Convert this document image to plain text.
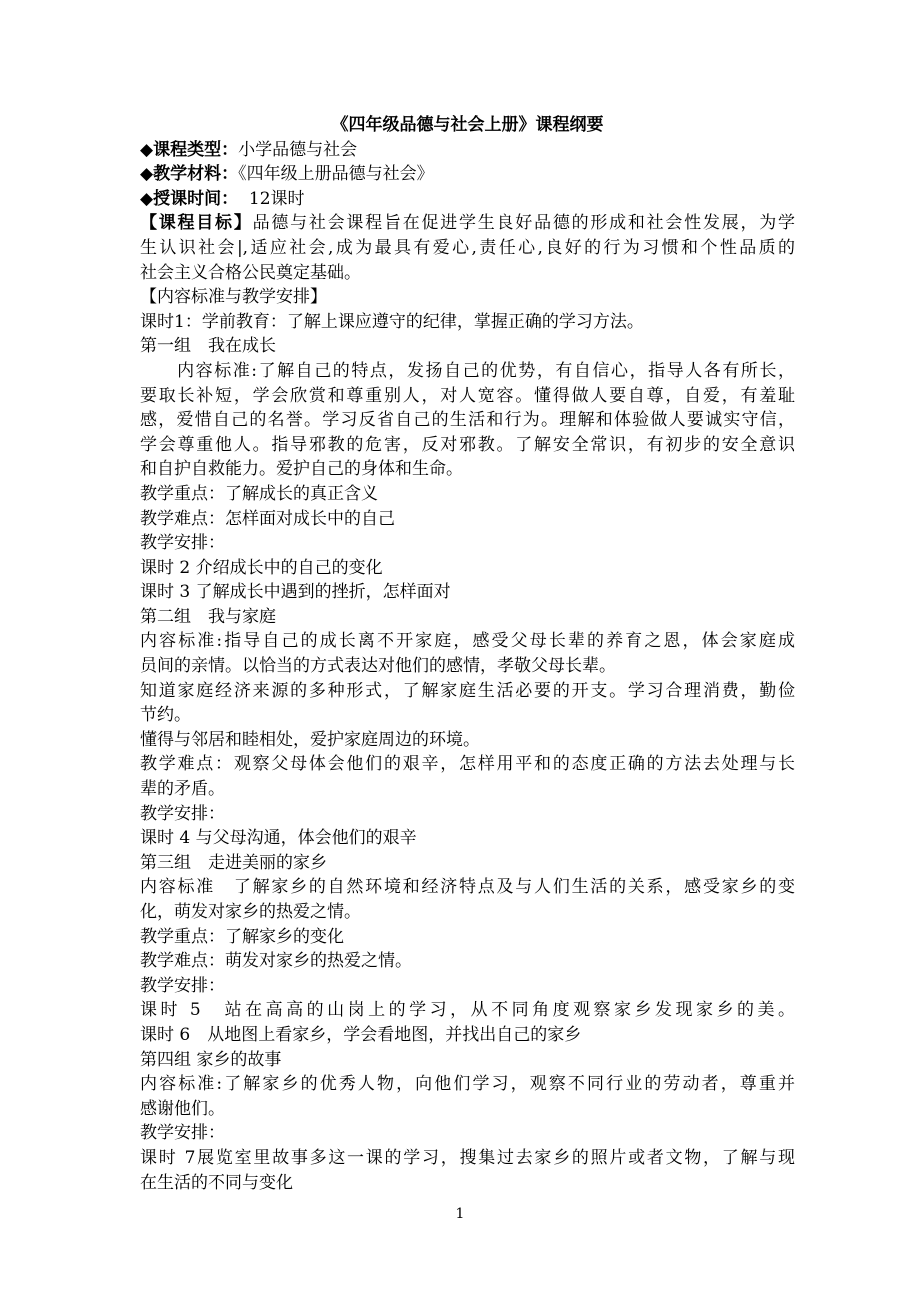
《四年级品德与社会上册》课程纲要
◆课程类型：小学品德与社会
◆教学材料：《四年级上册品德与社会》
◆授课时间：  12课时
【课程目标】品德与社会课程旨在促进学生良好品德的形成和社会性发展，为学
生认识社会|,适应社会,成为最具有爱心,责任心,良好的行为习惯和个性品质的
社会主义合格公民奠定基础。
【内容标准与教学安排】
课时1：学前教育：了解上课应遵守的纪律，掌握正确的学习方法。
第一组　我在成长
　　内容标准:了解自己的特点，发扬自己的优势，有自信心，指导人各有所长，
要取长补短，学会欣赏和尊重别人，对人宽容。懂得做人要自尊，自爱，有羞耻
感，爱惜自己的名誉。学习反省自己的生活和行为。理解和体验做人要诚实守信，
学会尊重他人。指导邪教的危害，反对邪教。了解安全常识，有初步的安全意识
和自护自救能力。爱护自己的身体和生命。
教学重点：了解成长的真正含义
教学难点：怎样面对成长中的自己
教学安排：
课时 2 介绍成长中的自己的变化
课时 3 了解成长中遇到的挫折，怎样面对
第二组　我与家庭
内容标准:指导自己的成长离不开家庭，感受父母长辈的养育之恩，体会家庭成
员间的亲情。以恰当的方式表达对他们的感情，孝敬父母长辈。
知道家庭经济来源的多种形式，了解家庭生活必要的开支。学习合理消费，勤俭
节约。
懂得与邻居和睦相处，爱护家庭周边的环境。
教学难点：观察父母体会他们的艰辛，怎样用平和的态度正确的方法去处理与长
辈的矛盾。
教学安排：
课时 4 与父母沟通，体会他们的艰辛
第三组　走进美丽的家乡
内容标准　了解家乡的自然环境和经济特点及与人们生活的关系，感受家乡的变
化，萌发对家乡的热爱之情。
教学重点：了解家乡的变化
教学难点：萌发对家乡的热爱之情。
教学安排：
课时 5　站在高高的山岗上的学习，从不同角度观察家乡发现家乡的美。
课时 6　从地图上看家乡，学会看地图，并找出自己的家乡
第四组 家乡的故事
内容标准:了解家乡的优秀人物，向他们学习，观察不同行业的劳动者，尊重并
感谢他们。
教学安排：
课时 7展览室里故事多这一课的学习，搜集过去家乡的照片或者文物，了解与现
在生活的不同与变化
1
